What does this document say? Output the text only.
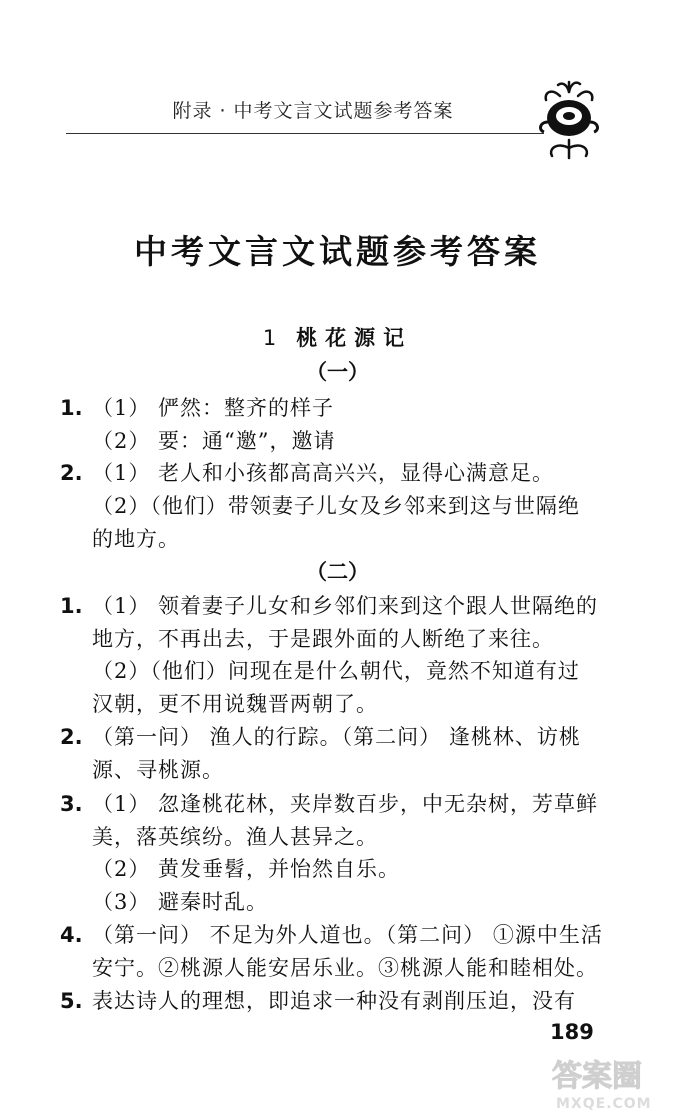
附录 · 中考文言文试题参考答案
中考文言文试题参考答案
1 桃花源记
（一）
1. （1） 俨然：整齐的样子
（2） 要：通“邀”，邀请
2. （1） 老人和小孩都高高兴兴，显得心满意足。
（2）（他们）带领妻子儿女及乡邻来到这与世隔绝
的地方。
（二）
1. （1） 领着妻子儿女和乡邻们来到这个跟人世隔绝的
地方，不再出去，于是跟外面的人断绝了来往。
（2）（他们）问现在是什么朝代，竟然不知道有过
汉朝，更不用说魏晋两朝了。
2. （第一问） 渔人的行踪。（第二问） 逢桃林、访桃
源、寻桃源。
3. （1） 忽逢桃花林，夹岸数百步，中无杂树，芳草鲜
美，落英缤纷。渔人甚异之。
（2） 黄发垂髫，并怡然自乐。
（3） 避秦时乱。
4. （第一问） 不足为外人道也。（第二问） ①源中生活
安宁。②桃源人能安居乐业。③桃源人能和睦相处。
5. 表达诗人的理想，即追求一种没有剥削压迫，没有
189
答案圈
MXQE.COM
